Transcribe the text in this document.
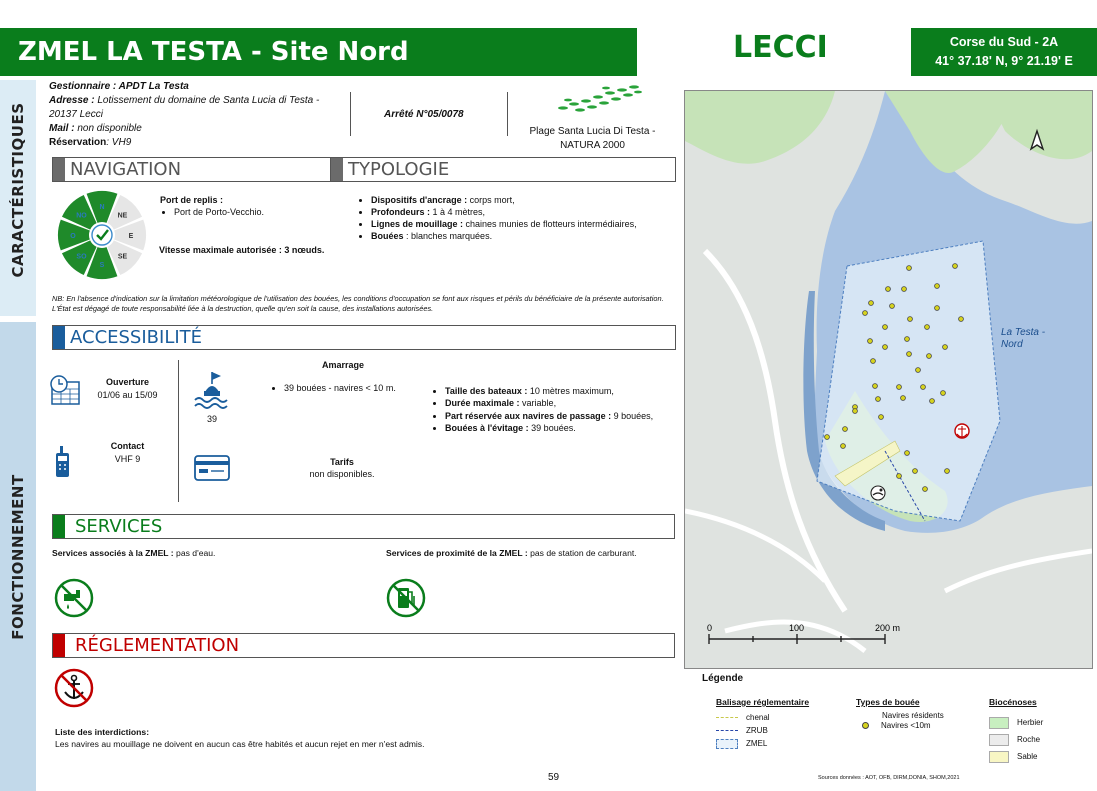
ZMEL LA TESTA - Site Nord	LECCI	Corse du Sud - 2A
41° 37.18' N, 9° 21.19' E
CARACTÉRISTIQUES
FONCTIONNEMENT
Gestionnaire : APDT La Testa
Adresse : Lotissement du domaine de Santa Lucia di Testa - 20137 Lecci
Mail : non disponible
Réservation: VH9
Arrêté N°05/0078
Plage Santa Lucia Di Testa - NATURA 2000
NAVIGATION	TYPOLOGIE
N
NE
E
SE
S
SO
O
NO
Port de replis :
• Port de Porto-Vecchio.
Vitesse maximale autorisée : 3 nœuds.
• Dispositifs d'ancrage : corps mort,
• Profondeurs : 1 à 4 mètres,
• Lignes de mouillage : chaines munies de flotteurs intermédiaires,
• Bouées : blanches marquées.
NB: En l'absence d'indication sur la limitation météorologique de l'utilisation des bouées, les conditions d'occupation se font aux risques et périls du bénéficiaire de la présente autorisation. L'État est dégagé de toute responsabilité liée à la destruction, quelle qu'en soit la cause, des installations autorisées.
ACCESSIBILITÉ
Ouverture
01/06 au 15/09
Contact
VHF 9
Amarrage
39
• 39 bouées - navires < 10 m.
•	Taille des bateaux : 10 mètres maximum,
• Durée maximale : variable,
• Part réservée aux navires de passage : 9 bouées,
• Bouées à l'évitage : 39 bouées.
Tarifs
non disponibles.
SERVICES
Services associés à la ZMEL : pas d'eau.	Services de proximité de la ZMEL : pas de station de carburant.
RÉGLEMENTATION
Liste des interdictions:
Les navires au mouillage ne doivent en aucun cas être habités et aucun rejet en mer n'est admis.
59
0	100	200 m
La Testa -
Nord
Légende
Balisage réglementaire
chenal
ZRUB
ZMEL
Types de bouée
Navires résidents
Navires <10m
Biocénoses
Herbier
Roche
Sable
Sources données : AOT, OFB, DIRM,DONIA, SHOM,2021
